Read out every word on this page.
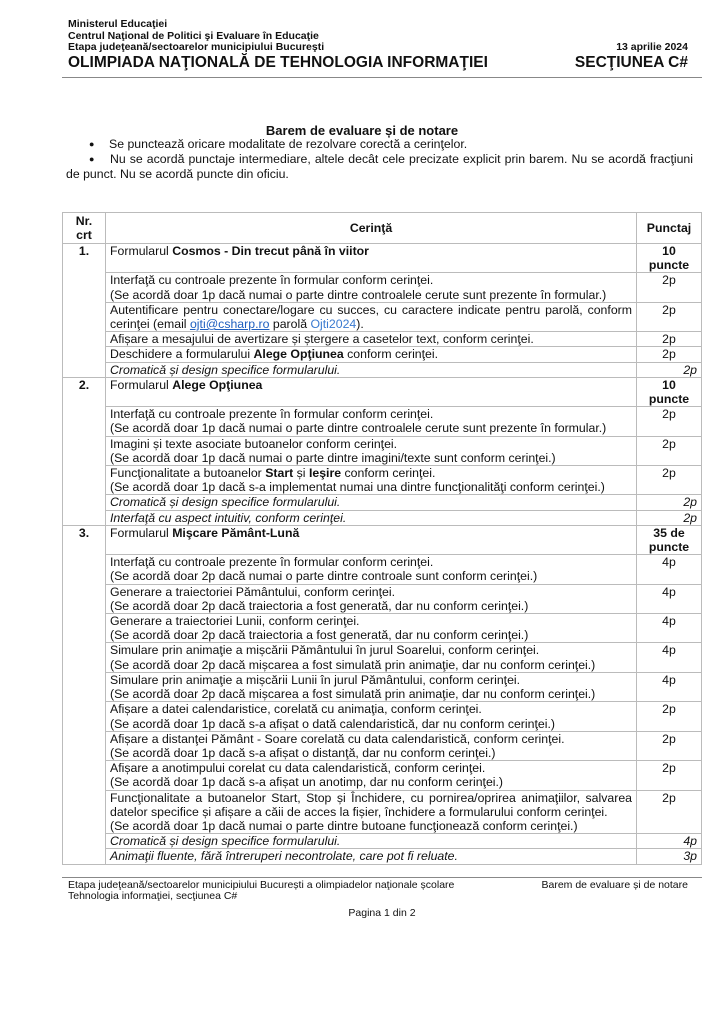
Ministerul Educaţiei
Centrul Naţional de Politici şi Evaluare în Educaţie
Etapa judeţeană/sectoarelor municipiului Bucureşti	13 aprilie 2024
OLIMPIADA NAŢIONALĂ DE TEHNOLOGIA INFORMAŢIEI	SECŢIUNEA C#
Barem de evaluare și de notare
● Se punctează oricare modalitate de rezolvare corectă a cerinţelor.
● Nu se acordă punctaje intermediare, altele decât cele precizate explicit prin barem. Nu se acordă fracţiuni de punct. Nu se acordă puncte din oficiu.
Nr. crt	Cerinţă	Punctaj
1.	Formularul Cosmos - Din trecut până în viitor	10 puncte

	Interfaţă cu controale prezente în formular conform cerinţei.

(Se acordă doar 1p dacă numai o parte dintre controalele cerute sunt prezente în formular.)	2p

	Autentificare pentru conectare/logare cu succes, cu caractere indicate pentru parolă, conform cerinţei (email ojti@csharp.ro parolă Ojti2024).	2p

	Afișare a mesajului de avertizare și ștergere a casetelor text, conform cerinţei.	2p

	Deschidere a formularului Alege Opţiunea conform cerinţei.	2p

	Cromatică și design specifice formularului.	2p
2.	Formularul Alege Opţiunea	10 puncte

	Interfaţă cu controale prezente în formular conform cerinţei.

(Se acordă doar 1p dacă numai o parte dintre controalele cerute sunt prezente în formular.)	2p

	Imagini și texte asociate butoanelor conform cerinţei.

(Se acordă doar 1p dacă numai o parte dintre imagini/texte sunt conform cerinţei.)	2p

	Funcţionalitate a butoanelor Start și Ieşire conform cerinţei.

(Se acordă doar 1p dacă s-a implementat numai una dintre funcţionalităţi conform cerinţei.)	2p

	Cromatică și design specifice formularului.	2p

	Interfaţă cu aspect intuitiv, conform cerinţei.	2p
3.	Formularul Mişcare Pământ-Lună	35 de puncte

	Interfaţă cu controale prezente în formular conform cerinţei.

(Se acordă doar 2p dacă numai o parte dintre controale sunt conform cerinţei.)	4p

	Generare a traiectoriei Pământului, conform cerinţei.

(Se acordă doar 2p dacă traiectoria a fost generată, dar nu conform cerinţei.)	4p

	Generare a traiectoriei Lunii, conform cerinţei.

(Se acordă doar 2p dacă traiectoria a fost generată, dar nu conform cerinţei.)	4p

	Simulare prin animaţie a mișcării Pământului în jurul Soarelui, conform cerinţei.

(Se acordă doar 2p dacă mișcarea a fost simulată prin animaţie, dar nu conform cerinţei.)	4p

	Simulare prin animaţie a mișcării Lunii în jurul Pământului, conform cerinţei.

(Se acordă doar 2p dacă mișcarea a fost simulată prin animaţie, dar nu conform cerinţei.)	4p

	Afișare a datei calendaristice, corelată cu animaţia, conform cerinţei.

(Se acordă doar 1p dacă s-a afișat o dată calendaristică, dar nu conform cerinţei.)	2p

	Afișare a distanţei Pământ - Soare corelată cu data calendaristică, conform cerinţei.

(Se acordă doar 1p dacă s-a afișat o distanţă, dar nu conform cerinţei.)	2p

	Afișare a anotimpului corelat cu data calendaristică, conform cerinţei.

(Se acordă doar 1p dacă s-a afișat un anotimp, dar nu conform cerinţei.)	2p

	Funcţionalitate a butoanelor Start, Stop și Închidere, cu pornirea/oprirea animaţiilor, salvarea datelor specifice și afișare a căii de acces la fișier, închidere a formularului conform cerinţei.

(Se acordă doar 1p dacă numai o parte dintre butoane funcţionează conform cerinţei.)	2p

	Cromatică și design specifice formularului.	4p

	Animaţii fluente, fără întreruperi necontrolate, care pot fi reluate.	3p
Etapa judeţeană/sectoarelor municipiului București a olimpiadelor naţionale școlare
Tehnologia informaţiei, secţiunea C#
Barem de evaluare și de notare
Pagina 1 din 2
